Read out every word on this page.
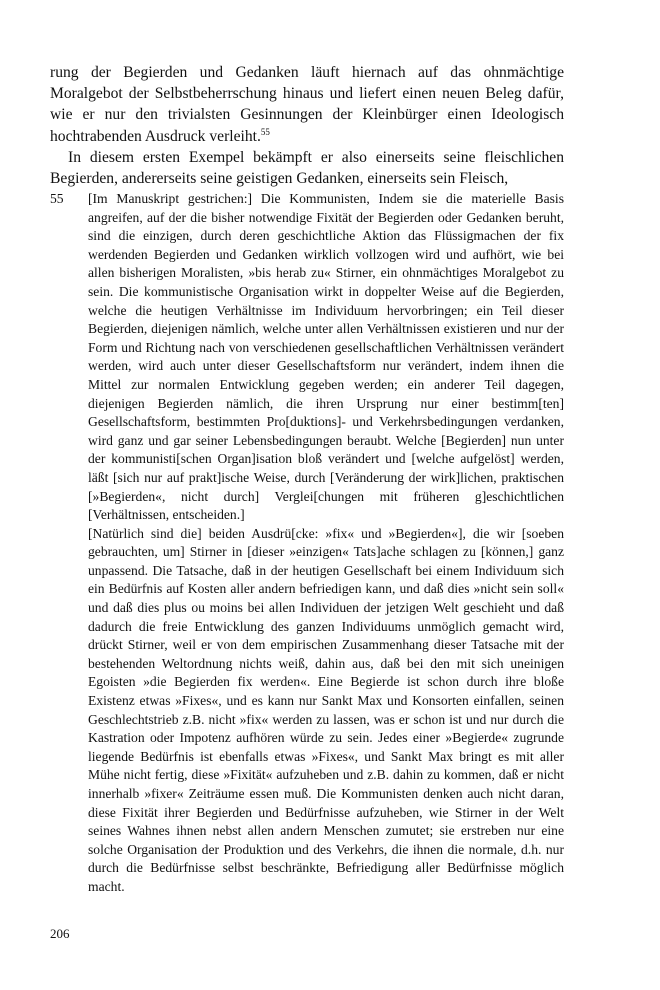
rung der Begierden und Gedanken läuft hiernach auf das ohnmächtige Moralgebot der Selbstbeherrschung hinaus und liefert einen neuen Beleg dafür, wie er nur den trivialsten Gesinnungen der Kleinbürger einen Ideologisch hochtrabenden Ausdruck verleiht.$^{55}$

In diesem ersten Exempel bekämpft er also einerseits seine fleischlichen Begierden, andererseits seine geistigen Gedanken, einerseits sein Fleisch,

55 [Im Manuskript gestrichen:] Die Kommunisten, Indem sie die materielle Basis angreifen, auf der die bisher notwendige Fixität der Begierden oder Gedanken beruht, sind die einzigen, durch deren geschichtliche Aktion das Flüssigmachen der fix werdenden Begierden und Gedanken wirklich vollzogen wird und aufhört, wie bei allen bisherigen Moralisten, »bis herab zu« Stirner, ein ohnmächtiges Moralgebot zu sein. Die kommunistische Organisation wirkt in doppelter Weise auf die Begierden, welche die heutigen Verhältnisse im Individuum hervorbringen; ein Teil dieser Begierden, diejenigen nämlich, welche unter allen Verhältnissen existieren und nur der Form und Richtung nach von verschiedenen gesellschaftlichen Verhältnissen verändert werden, wird auch unter dieser Gesellschaftsform nur verändert, indem ihnen die Mittel zur normalen Entwicklung gegeben werden; ein anderer Teil dagegen, diejenigen Begierden nämlich, die ihren Ursprung nur einer bestimm[ten] Gesellschaftsform, bestimmten Pro[duktions]- und Verkehrsbedingungen verdanken, wird ganz und gar seiner Lebensbedingungen beraubt. Welche [Begierden] nun unter der kommunisti[schen Organ]isation bloß verändert und [welche aufgelöst] werden, läßt [sich nur auf prakt]ische Weise, durch [Veränderung der wirk]lichen, praktischen [»Begierden«, nicht durch] Verglei[chungen mit früheren g]eschichtlichen [Verhältnissen, entscheiden.]

[Natürlich sind die] beiden Ausdrü[cke: »fix« und »Begierden«], die wir [soeben gebrauchten, um] Stirner in [dieser »einzigen« Tats]ache schlagen zu [können,] ganz unpassend. Die Tatsache, daß in der heutigen Gesellschaft bei einem Individuum sich ein Bedürfnis auf Kosten aller andern befriedigen kann, und daß dies »nicht sein soll« und daß dies plus ou moins bei allen Individuen der jetzigen Welt geschieht und daß dadurch die freie Entwicklung des ganzen Individuums unmöglich gemacht wird, drückt Stirner, weil er von dem empirischen Zusammenhang dieser Tatsache mit der bestehenden Weltordnung nichts weiß, dahin aus, daß bei den mit sich uneinigen Egoisten »die Begierden fix werden«. Eine Begierde ist schon durch ihre bloße Existenz etwas »Fixes«, und es kann nur Sankt Max und Konsorten einfallen, seinen Geschlechtstrieb z.B. nicht »fix« werden zu lassen, was er schon ist und nur durch die Kastration oder Impotenz aufhören würde zu sein. Jedes einer »Begierde« zugrunde liegende Bedürfnis ist ebenfalls etwas »Fixes«, und Sankt Max bringt es mit aller Mühe nicht fertig, diese »Fixität« aufzuheben und z.B. dahin zu kommen, daß er nicht innerhalb »fixer« Zeiträume essen muß. Die Kommunisten denken auch nicht daran, diese Fixität ihrer Begierden und Bedürfnisse aufzuheben, wie Stirner in der Welt seines Wahnes ihnen nebst allen andern Menschen zumutet; sie erstreben nur eine solche Organisation der Produktion und des Verkehrs, die ihnen die normale, d.h. nur durch die Bedürfnisse selbst beschränkte, Befriedigung aller Bedürfnisse möglich macht.

206
